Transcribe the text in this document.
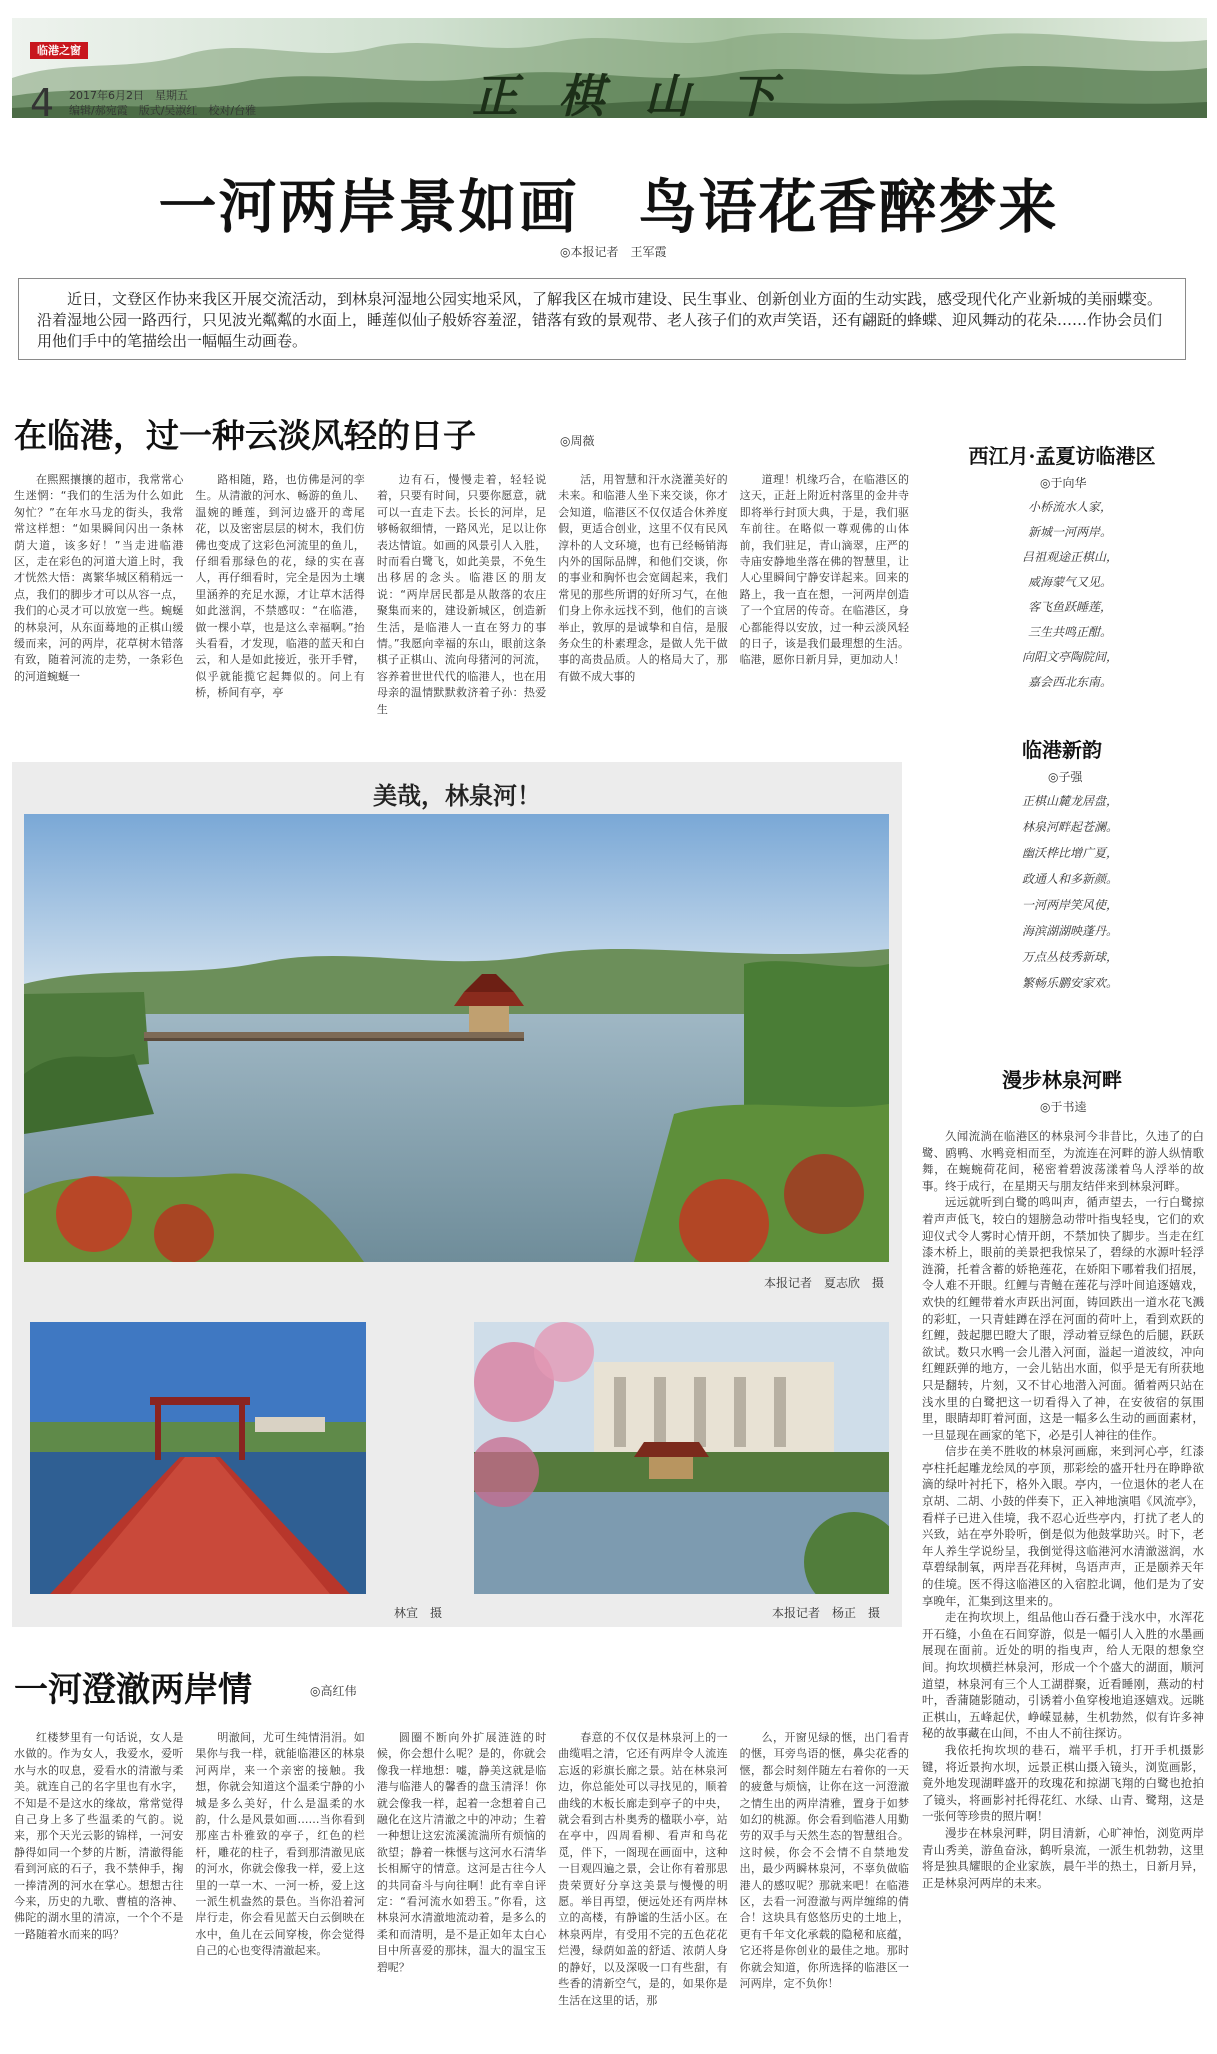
临港之窗
4 2017年6月2日　星期五
编辑/郝宛霞　版式/吴淑红　校对/台雅	正 棋 山 下
一河两岸景如画　鸟语花香醉梦来
◎本报记者　王军霞
近日，文登区作协来我区开展交流活动，到林泉河湿地公园实地采风，了解我区在城市建设、民生事业、创新创业方面的生动实践，感受现代化产业新城的美丽蝶变。沿着湿地公园一路西行，只见波光粼粼的水面上，睡莲似仙子般娇容羞涩，错落有致的景观带、老人孩子们的欢声笑语，还有翩跹的蜂蝶、迎风舞动的花朵……作协会员们用他们手中的笔描绘出一幅幅生动画卷。
在临港，过一种云淡风轻的日子	◎周薇
在熙熙攘攘的超市，我常常心生迷惘：“我们的生活为什么如此匆忙？”在年水马龙的街头，我常常这样想：“如果瞬间闪出一条林荫大道，该多好！”当走进临港区，走在彩色的河道大道上时，我才恍然大悟：离繁华城区稍稍远一点，我们的脚步才可以从容一点，我们的心灵才可以放宽一些。蜿蜒的林泉河，从东面蓦地的正棋山缓缓而来，河的两岸，花草树木错落有致，随着河流的走势，一条彩色的河道蜿蜒一
路相随，路，也仿佛是河的孪生。从清澈的河水、畅游的鱼儿、温婉的睡莲，到河边盛开的鸢尾花，以及密密层层的树木，我们仿佛也变成了这彩色河流里的鱼儿，仔细看那绿色的花，绿的实在喜人，再仔细看时，完全是因为土壤里涵养的充足水源，才让草木活得如此滋润，不禁感叹：“在临港，做一棵小草，也是这么幸福啊。”抬头看看，才发现，临港的蓝天和白云，和人是如此接近，张开手臂，似乎就能揽它起舞似的。问上有桥，桥间有亭，亭
边有石，慢慢走着，轻轻说着，只要有时间，只要你愿意，就可以一直走下去。长长的河岸，足够畅叙细情，一路风光，足以让你表达情谊。如画的风景引人入胜，时而看白鹭飞，如此美景，不免生出移居的念头。临港区的朋友说：“两岸居民都是从散落的农庄聚集而来的，建设新城区，创造新生活，是临港人一直在努力的事情。”我愿向幸福的东山，眼前这条棋子正棋山、流向母猪河的河流，容养着世世代代的临港人，也在用母亲的温情默默救济着子孙：热爱生
活，用智慧和汗水浇灌美好的未来。和临港人坐下来交谈，你才会知道，临港区不仅仅适合休养度假，更适合创业，这里不仅有民风淳朴的人文环境，也有已经畅销海内外的国际品牌，和他们交谈，你的事业和胸怀也会宽阔起来，我们常见的那些所谓的好所习气，在他们身上你永远找不到，他们的言谈举止，敦厚的是诚挚和自信，是服务众生的朴素理念，是做人先干做事的高贵品质。人的格局大了，那有做不成大事的
道理！机缘巧合，在临港区的这天，正赶上附近村落里的金井寺即将举行封顶大典，于是，我们驱车前往。在略似一尊观佛的山体前，我们驻足，青山滴翠，庄严的寺庙安静地坐落在佛的智慧里，让人心里瞬间宁静安详起来。回来的路上，我一直在想，一河两岸创造了一个宜居的传奇。在临港区，身心都能得以安放，过一种云淡风轻的日子，该是我们最理想的生活。临港，愿你日新月异，更加动人！
美哉，林泉河！
本报记者　夏志欣　摄
林宣　摄	本报记者　杨正　摄
西江月·孟夏访临港区
◎于向华
小桥流水人家，
新城一河两岸。
吕祖观途正棋山，
威海蒙气又见。
客飞鱼跃睡莲，
三生共鸣正酣。
向阳文亭陶院间，
嘉会西北东南。
临港新韵
◎子强
正棋山麓龙居盘，
林泉河畔起苍澜。
幽沃桦比增广夏，
政通人和多新颜。
一河两岸笑风使，
海滨湖湖映蓬丹。
万点丛枝秀新球，
繁畅乐鹏安家欢。
漫步林泉河畔
◎于书逵

久闻流淌在临港区的林泉河今非昔比，久违了的白鹭、鸥鸭、水鸭竞相而至，为流连在河畔的游人纵情歌舞，在蜿蜿荷花间，秘密着碧波荡漾着鸟人浮举的故事。终于成行，在星期天与朋友结伴来到林泉河畔。

远远就听到白鹭的鸣叫声，循声望去，一行白鹭掠着声声低飞，较白的翅膀急动带叶指曳轻曳，它们的欢迎仪式令人雾时心情开朗，不禁加快了脚步。当走在红漆木桥上，眼前的美景把我惊呆了，碧绿的水源叶轻浮涟漪，托着含蓄的娇艳莲花，在娇阳下哪着我们招展，令人难不开眼。红鲤与青鲢在莲花与浮叶间追逐嬉戏，欢快的红鲤带着水声跃出河面，铸回跌出一道水花飞溅的彩虹，一只青蛙蹲在浮在河面的荷叶上，看到欢跃的红鲤，鼓起腮巴瞪大了眼，浮动着豆绿色的后腿，跃跃欲试。数只水鸭一会儿潜入河面，溢起一道波纹，冲向红鲤跃弹的地方，一会儿钻出水面，似乎是无有所获地只是翻转，片刻，又不甘心地潜入河面。循着两只站在浅水里的白鹭把这一切看得入了神，在安彼宿的氛围里，眼睛却盯着河面，这是一幅多么生动的画面素材，一旦显现在画家的笔下，必是引人神往的佳作。

信步在美不胜收的林泉河画廊，来到河心亭，红漆亭柱托起雕龙绘凤的亭顶，那彩绘的盛开牡丹在睁睁欲滴的绿叶衬托下，格外入眼。亭内，一位退休的老人在京胡、二胡、小鼓的伴奏下，正入神地演唱《风流亭》，看样子已进入佳境，我不忍心近些亭内，打扰了老人的兴致，站在亭外聆听，倒是似为他鼓掌助兴。时下，老年人养生学说纷呈，我倒觉得这临港河水清澈滋润，水草碧绿制氧，两岸吾花拜树，鸟语声声，正是颐养天年的佳境。医不得这临港区的入宿腔北调，他们是为了安享晚年，汇集到这里来的。

走在拘坎坝上，组品他山吞石叠于浅水中，水浑花开石缝，小鱼在石间穿游，似是一幅引人入胜的水墨画展现在面前。近处的明的指曳声，给人无限的想象空间。拘坎坝横拦林泉河，形成一个个盛大的湖面，顺河道望，林泉河有三个人工湖群聚，近看睡刚，燕动的村叶，香蒲随影随动，引诱着小鱼穿梭地追逐嬉戏。远眺正棋山，五峰起伏，峥嵘显赫，生机勃然，似有许多神秘的故事藏在山间，不由人不前往探访。

我依托拘坎坝的巷石，端平手机，打开手机摄影键，将近景拘水坝，远景正棋山摄入镜头，浏览画影，竟外地发现湖畔盛开的玫瑰花和掠湖飞翔的白鹭也抢拍了镜头，将画影衬托得花红、水绿、山青、鹭翔，这是一张何等珍贵的照片啊！

漫步在林泉河畔，阴目清新，心旷神怡，浏览两岸青山秀美，游鱼奋泳，鹤听泉流，一派生机勃勃，这里将是独具耀眼的企业家族，晨午半的热土，日新月异，正是林泉河两岸的未来。

一河澄澈两岸情	◎高红伟
红楼梦里有一句话说，女人是水做的。作为女人，我爱水，爱听水与水的叹息，爱看水的清澈与柔美。就连自己的名字里也有水字，不知是不是这水的缘故，常常觉得自己身上多了些温柔的气韵。说来，那个天光云影的锦样，一河安静得如同一个梦的片断，清澈得能看到河底的石子，我不禁伸手，掬一捧清冽的河水在掌心。想想古往今来，历史的九歌、曹植的洛神、佛陀的湖水里的清凉，一个个不是一路随着水而来的吗？
明澈间，尤可生纯情涓涓。如果你与我一样，就能临港区的林泉河两岸，来一个亲密的接触。我想，你就会知道这个温柔宁静的小城是多么美好，什么是温柔的水韵，什么是风景如画……当你看到那座古朴雅致的亭子，红色的栏杆，雕花的柱子，看到那清澈见底的河水，你就会像我一样，爱上这里的一草一木、一河一桥，爱上这一派生机盎然的景色。当你沿着河岸行走，你会看见蓝天白云倒映在水中，鱼儿在云间穿梭，你会觉得自己的心也变得清澈起来。
圆圈不断向外扩展涟涟的时候，你会想什么呢？是的，你就会像我一样地想：嘘，静美这就是临港与临港人的馨香的盘玉清泽！你就会像我一样，起着一念想着自己融化在这片清澈之中的冲动；生着一种想让这宏流溪流湍所有烦恼的欲望；静着一株惬与这河水石清华长相厮守的情意。这河是古往今人的共同奋斗与向往啊！此有幸自评定：“看河流水如碧玉。”你看，这林泉河水清澈地流动着，是多么的柔和而清明，是不是正如年太白心目中所喜爱的那抹，温大的温宝玉碧呢？
春意的不仅仅是林泉河上的一曲缆唱之清，它还有两岸令人流连忘返的彩旗长廊之景。站在林泉河边，你总能处可以寻找见的，顺着曲线的木板长廊走到亭子的中央，就会看到古朴奥秀的楹联小亭，站在亭中，四周看柳、看声和鸟花觅，伴下，一阁现在画面中，这种一目观四遍之景，会让你有着那思贵荣贾好分享这美景与慢慢的明愿。举目再望，便远处还有两岸林立的高楼，有静谧的生活小区。在林泉两岸，有受用不完的五色花花烂漫，绿荫如盖的舒适、浓荫人身的静好，以及深吸一口有些甜，有些香的清新空气，是的，如果你是生活在这里的话，那
么，开窗见绿的惬，出门看青的惬，耳旁鸟语的惬，鼻尖花香的惬，都会时刻伴随左右着你的一天的疲惫与烦恼，让你在这一河澄澈之情生出的两岸清雅，置身于如梦如幻的桃源。你会看到临港人用勤劳的双手与天然生态的智慧组合。这时候，你会不会情不自禁地发出，最少两瞬林泉河，不辜负做临港人的感叹呢？那就来吧！在临港区，去看一河澄澈与两岸缠绵的倩合！这块具有悠悠历史的土地上，更有千年文化承载的隐秘和底蕴，它还将是你创业的最佳之地。那时你就会知道，你所选择的临港区一河两岸，定不负你！
